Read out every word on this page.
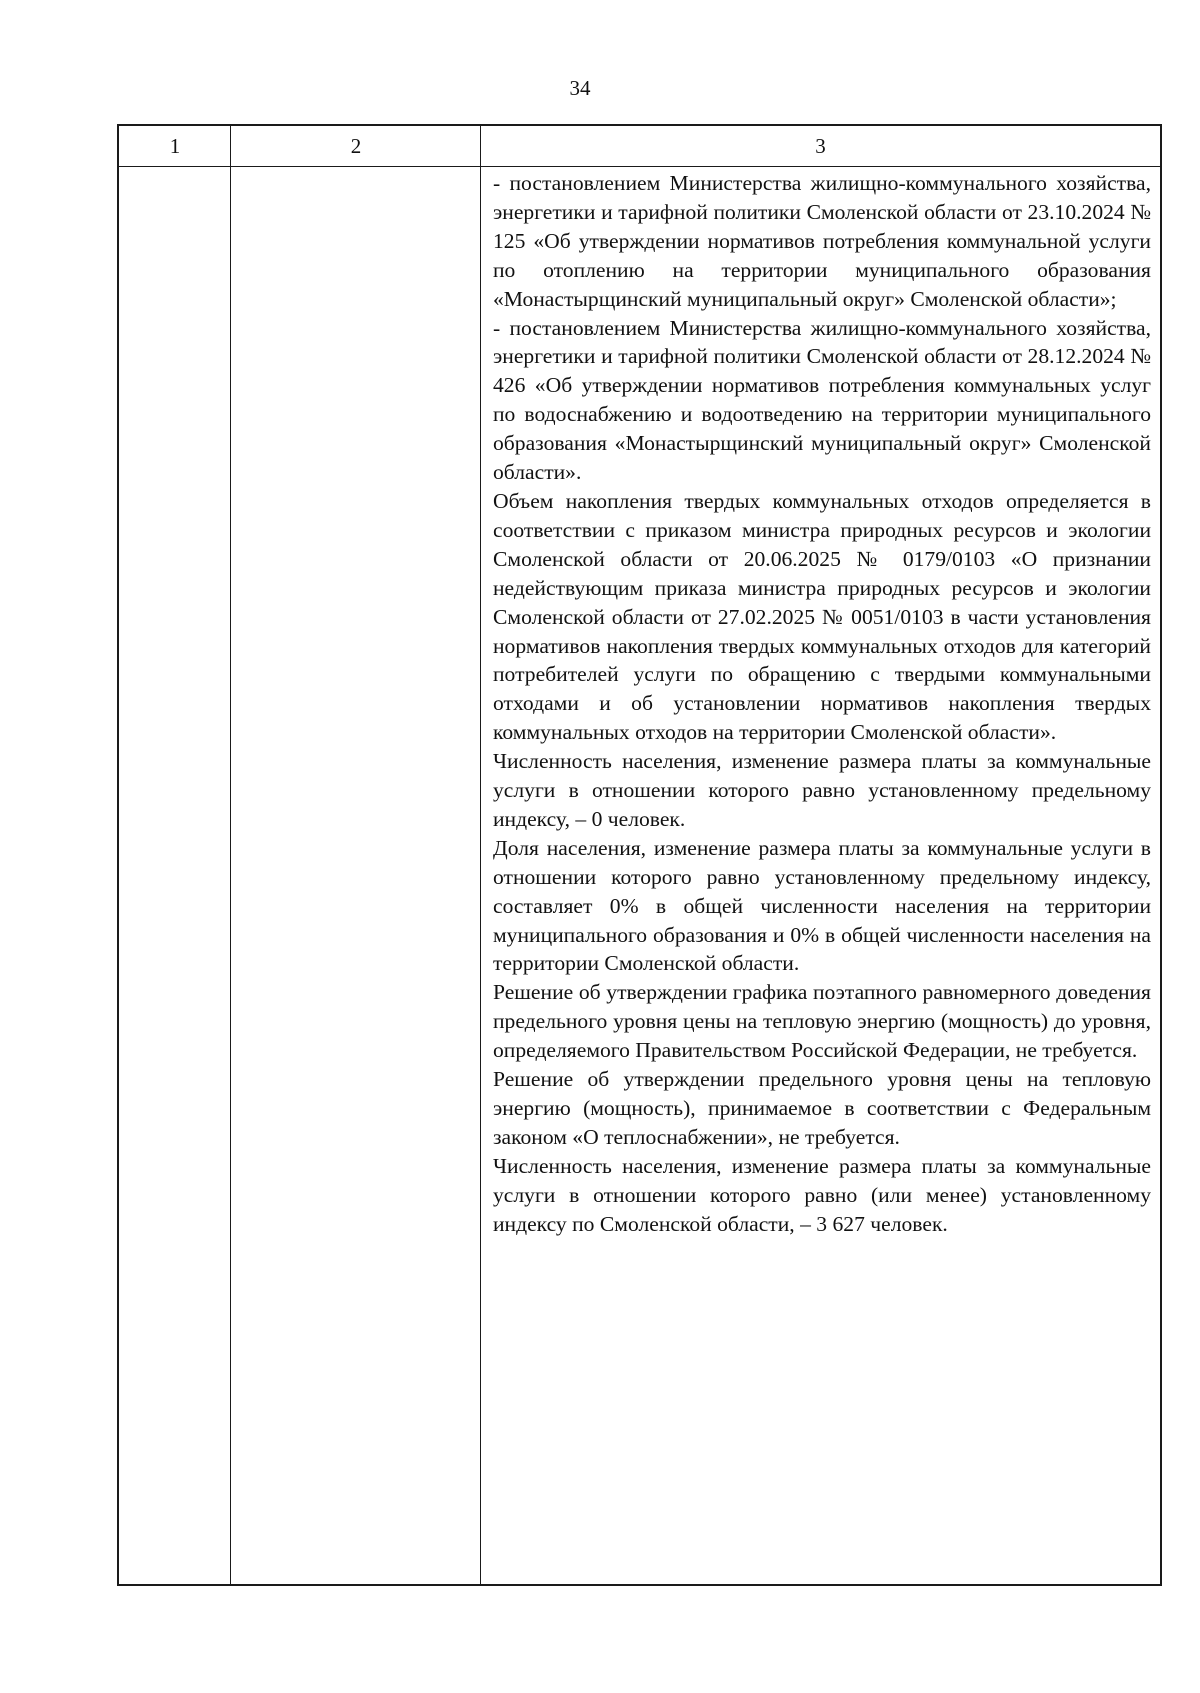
34
1	2	3

- постановлением Министерства жилищно-коммунального хозяйства, энергетики и тарифной политики Смоленской области от 23.10.2024 № 125 «Об утверждении нормативов потребления коммунальной услуги по отоплению на территории муниципального образования «Монастырщинский муниципальный округ» Смоленской области»;

- постановлением Министерства жилищно-коммунального хозяйства, энергетики и тарифной политики Смоленской области от 28.12.2024 № 426 «Об утверждении нормативов потребления коммунальных услуг по водоснабжению и водоотведению на территории муниципального образования «Монастырщинский муниципальный округ» Смоленской области».

Объем накопления твердых коммунальных отходов определяется в соответствии с приказом министра природных ресурсов и экологии Смоленской области от 20.06.2025 № 0179/0103 «О признании недействующим приказа министра природных ресурсов и экологии Смоленской области от 27.02.2025 № 0051/0103 в части установления нормативов накопления твердых коммунальных отходов для категорий потребителей услуги по обращению с твердыми коммунальными отходами и об установлении нормативов накопления твердых коммунальных отходов на территории Смоленской области».

Численность населения, изменение размера платы за коммунальные услуги в отношении которого равно установленному предельному индексу, – 0 человек.

Доля населения, изменение размера платы за коммунальные услуги в отношении которого равно установленному предельному индексу, составляет 0% в общей численности населения на территории муниципального образования и 0% в общей численности населения на территории Смоленской области.

Решение об утверждении графика поэтапного равномерного доведения предельного уровня цены на тепловую энергию (мощность) до уровня, определяемого Правительством Российской Федерации, не требуется.

Решение об утверждении предельного уровня цены на тепловую энергию (мощность), принимаемое в соответствии с Федеральным законом «О теплоснабжении», не требуется.

Численность населения, изменение размера платы за коммунальные услуги в отношении которого равно (или менее) установленному индексу по Смоленской области, – 3 627 человек.
